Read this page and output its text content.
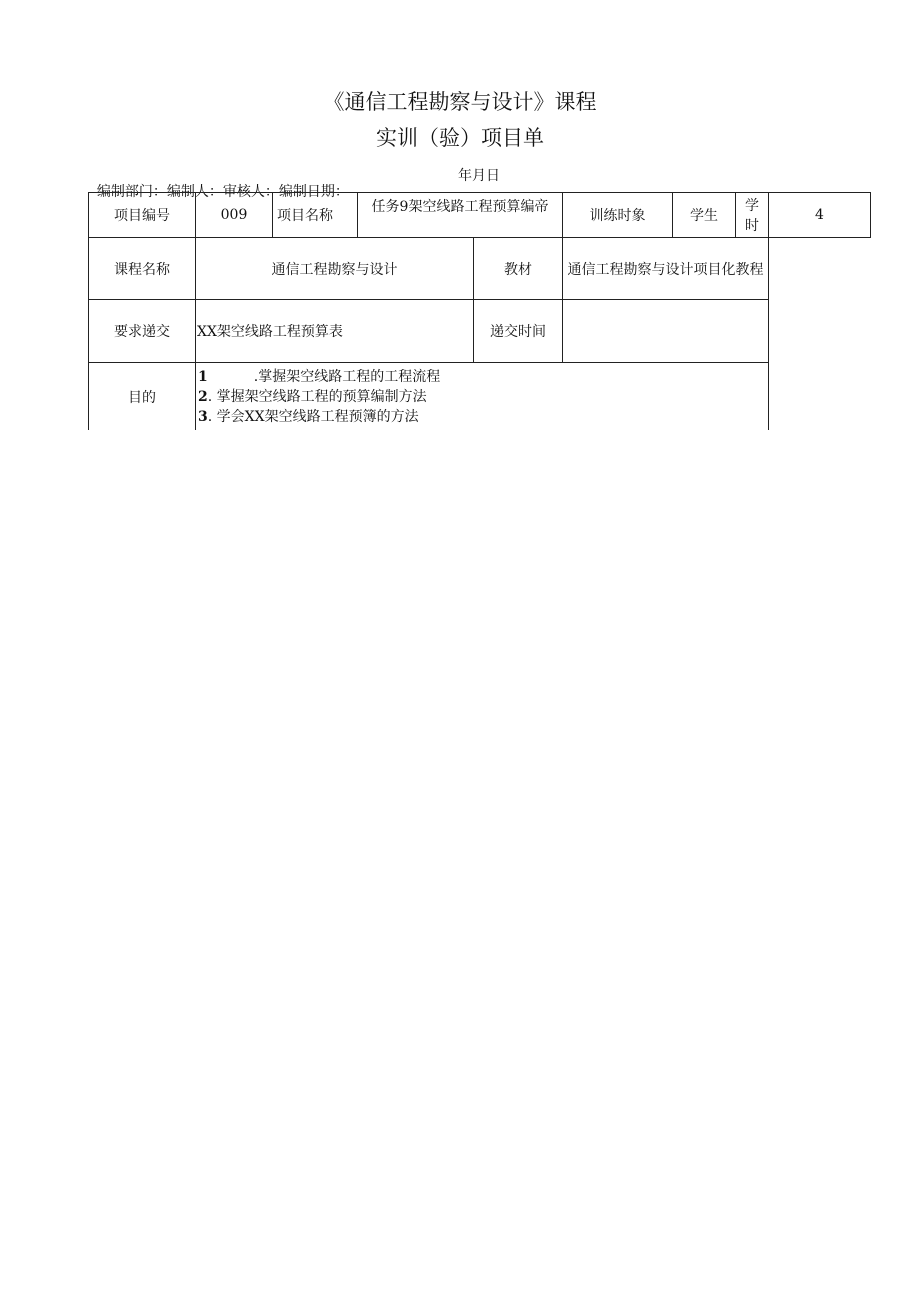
《通信工程勘察与设计》课程
实训（验）项目单

编制部门：编制人：审核人：编制日期：

年月日

项目编号	009	项目名称	任务9架空线路工程预算编帝		训练时象	学生	学时	4
课程名称	通信工程勘察与设计			教材	通信工程勘察与设计项目化教程			
要求递交	XX架空线路工程预算表			递交时间				
目的	1 .掌握架空线路工程的工程流程
2. 掌握架空线路工程的预算编制方法
3. 学会XX架空线路工程预簿的方法							
